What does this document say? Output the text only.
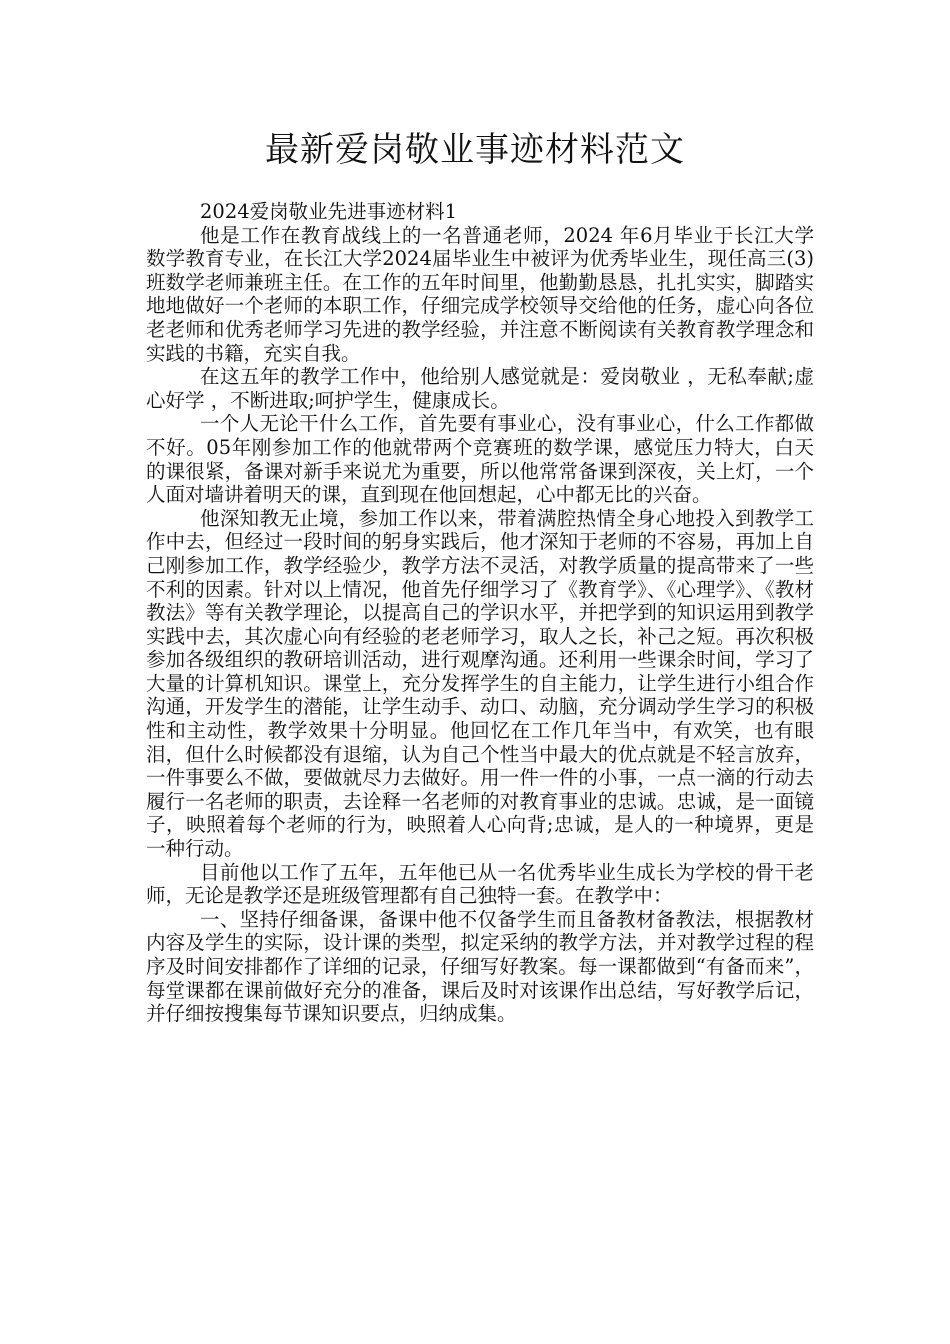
最新爱岗敬业事迹材料范文

2024爱岗敬业先进事迹材料1

他是工作在教育战线上的一名普通老师，2024 年6月毕业于长江大学数学教育专业，在长江大学2024届毕业生中被评为优秀毕业生，现任高三(3)班数学老师兼班主任。在工作的五年时间里，他勤勤恳恳，扎扎实实，脚踏实地地做好一个老师的本职工作，仔细完成学校领导交给他的任务，虚心向各位老老师和优秀老师学习先进的教学经验，并注意不断阅读有关教育教学理念和实践的书籍，充实自我。

在这五年的教学工作中，他给别人感觉就是：爱岗敬业 ，无私奉献;虚心好学 ，不断进取;呵护学生，健康成长。

一个人无论干什么工作，首先要有事业心，没有事业心，什么工作都做不好。05年刚参加工作的他就带两个竞赛班的数学课，感觉压力特大，白天的课很紧，备课对新手来说尤为重要，所以他常常备课到深夜，关上灯，一个人面对墙讲着明天的课，直到现在他回想起，心中都无比的兴奋。

他深知教无止境，参加工作以来，带着满腔热情全身心地投入到教学工作中去，但经过一段时间的躬身实践后，他才深知于老师的不容易，再加上自己刚参加工作，教学经验少，教学方法不灵活，对教学质量的提高带来了一些不利的因素。针对以上情况，他首先仔细学习了《教育学》、《心理学》、《教材教法》等有关教学理论，以提高自己的学识水平，并把学到的知识运用到教学实践中去，其次虚心向有经验的老老师学习，取人之长，补己之短。再次积极参加各级组织的教研培训活动，进行观摩沟通。还利用一些课余时间，学习了大量的计算机知识。课堂上，充分发挥学生的自主能力，让学生进行小组合作沟通，开发学生的潜能，让学生动手、动口、动脑，充分调动学生学习的积极性和主动性，教学效果十分明显。他回忆在工作几年当中，有欢笑，也有眼泪，但什么时候都没有退缩，认为自己个性当中最大的优点就是不轻言放弃，一件事要么不做，要做就尽力去做好。用一件一件的小事，一点一滴的行动去履行一名老师的职责，去诠释一名老师的对教育事业的忠诚。忠诚，是一面镜子，映照着每个老师的行为，映照着人心向背;忠诚，是人的一种境界，更是一种行动。

目前他以工作了五年，五年他已从一名优秀毕业生成长为学校的骨干老师，无论是教学还是班级管理都有自己独特一套。在教学中：

一、坚持仔细备课，备课中他不仅备学生而且备教材备教法，根据教材内容及学生的实际，设计课的类型，拟定采纳的教学方法，并对教学过程的程序及时间安排都作了详细的记录，仔细写好教案。每一课都做到“有备而来”，每堂课都在课前做好充分的准备，课后及时对该课作出总结，写好教学后记，并仔细按搜集每节课知识要点，归纳成集。
